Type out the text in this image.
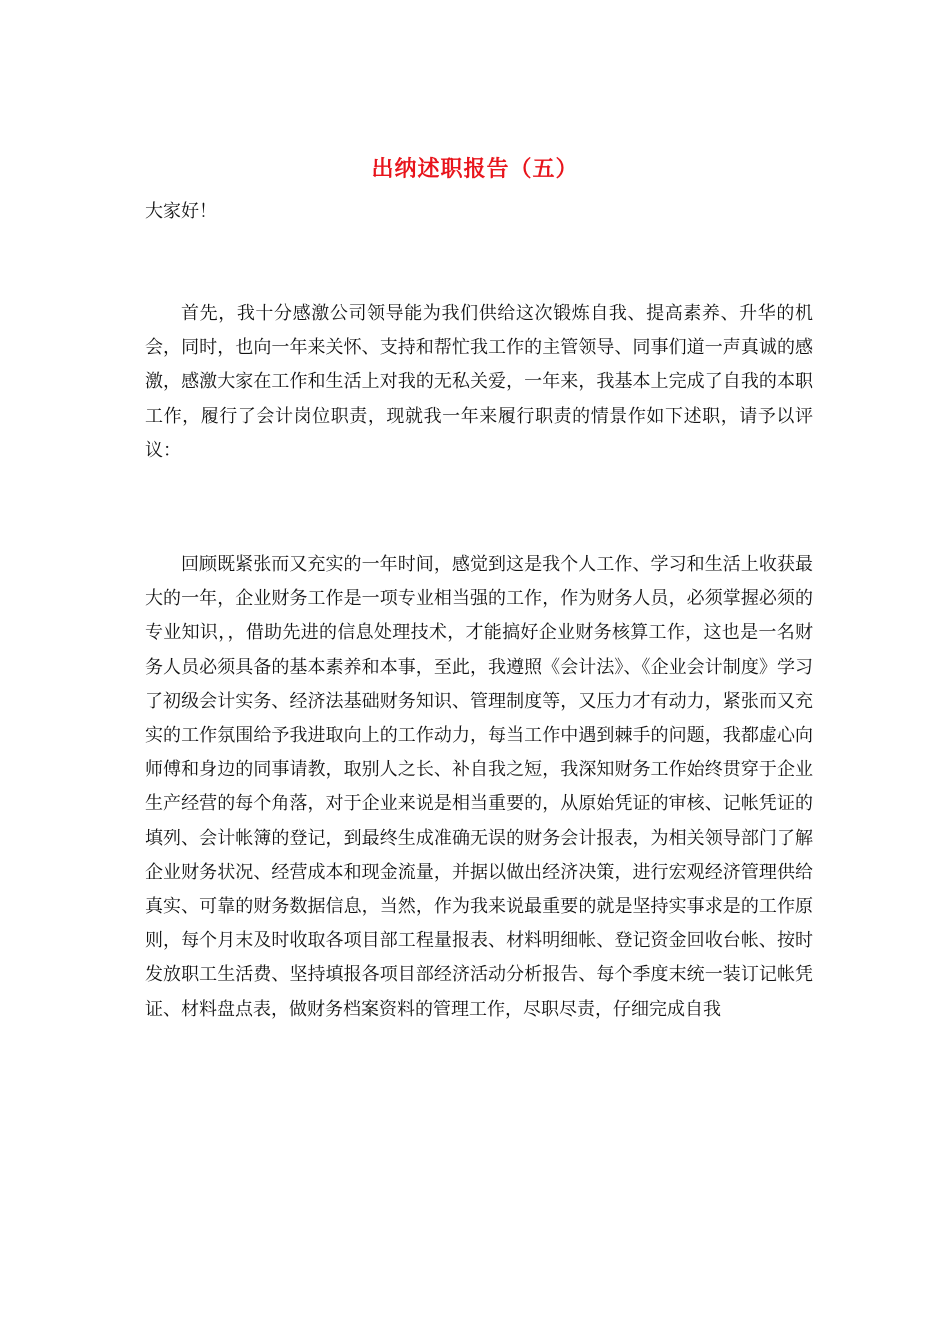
出纳述职报告（五）
大家好！

首先，我十分感激公司领导能为我们供给这次锻炼自我、提高素养、升华的机会，同时，也向一年来关怀、支持和帮忙我工作的主管领导、同事们道一声真诚的感激，感激大家在工作和生活上对我的无私关爱，一年来，我基本上完成了自我的本职工作，履行了会计岗位职责，现就我一年来履行职责的情景作如下述职，请予以评议：

回顾既紧张而又充实的一年时间，感觉到这是我个人工作、学习和生活上收获最大的一年，企业财务工作是一项专业相当强的工作，作为财务人员，必须掌握必须的专业知识，，借助先进的信息处理技术，才能搞好企业财务核算工作，这也是一名财务人员必须具备的基本素养和本事，至此，我遵照《会计法》、《企业会计制度》学习了初级会计实务、经济法基础财务知识、管理制度等，又压力才有动力，紧张而又充实的工作氛围给予我进取向上的工作动力，每当工作中遇到棘手的问题，我都虚心向师傅和身边的同事请教，取别人之长、补自我之短，我深知财务工作始终贯穿于企业生产经营的每个角落，对于企业来说是相当重要的，从原始凭证的审核、记帐凭证的填列、会计帐簿的登记，到最终生成准确无误的财务会计报表，为相关领导部门了解企业财务状况、经营成本和现金流量，并据以做出经济决策，进行宏观经济管理供给真实、可靠的财务数据信息，当然，作为我来说最重要的就是坚持实事求是的工作原则，每个月末及时收取各项目部工程量报表、材料明细帐、登记资金回收台帐、按时发放职工生活费、坚持填报各项目部经济活动分析报告、每个季度末统一装订记帐凭证、材料盘点表，做财务档案资料的管理工作，尽职尽责，仔细完成自我
